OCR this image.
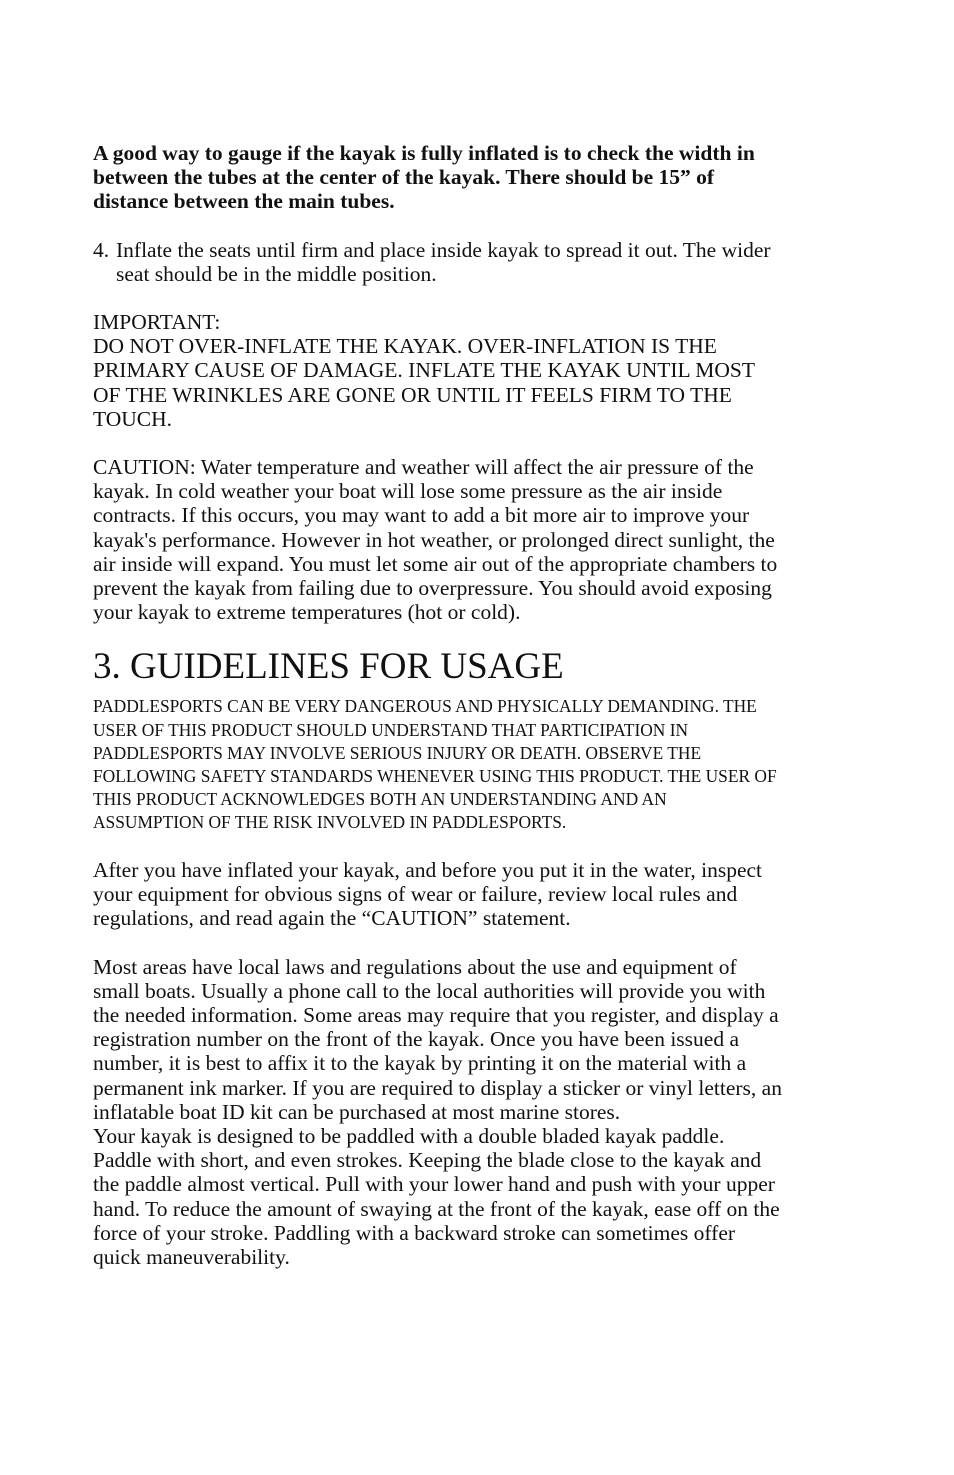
A good way to gauge if the kayak is fully inflated is to check the width in
between the tubes at the center of the kayak. There should be 15” of
distance between the main tubes.

4. Inflate the seats until firm and place inside kayak to spread it out. The wider
seat should be in the middle position.

IMPORTANT:
DO NOT OVER-INFLATE THE KAYAK. OVER-INFLATION IS THE
PRIMARY CAUSE OF DAMAGE. INFLATE THE KAYAK UNTIL MOST
OF THE WRINKLES ARE GONE OR UNTIL IT FEELS FIRM TO THE
TOUCH.

CAUTION: Water temperature and weather will affect the air pressure of the
kayak. In cold weather your boat will lose some pressure as the air inside
contracts. If this occurs, you may want to add a bit more air to improve your
kayak's performance. However in hot weather, or prolonged direct sunlight, the
air inside will expand. You must let some air out of the appropriate chambers to
prevent the kayak from failing due to overpressure. You should avoid exposing
your kayak to extreme temperatures (hot or cold).

3. GUIDELINES FOR USAGE

PADDLESPORTS CAN BE VERY DANGEROUS AND PHYSICALLY DEMANDING. THE
USER OF THIS PRODUCT SHOULD UNDERSTAND THAT PARTICIPATION IN
PADDLESPORTS MAY INVOLVE SERIOUS INJURY OR DEATH. OBSERVE THE
FOLLOWING SAFETY STANDARDS WHENEVER USING THIS PRODUCT. THE USER OF
THIS PRODUCT ACKNOWLEDGES BOTH AN UNDERSTANDING AND AN
ASSUMPTION OF THE RISK INVOLVED IN PADDLESPORTS.

After you have inflated your kayak, and before you put it in the water, inspect
your equipment for obvious signs of wear or failure, review local rules and
regulations, and read again the “CAUTION” statement.

Most areas have local laws and regulations about the use and equipment of
small boats. Usually a phone call to the local authorities will provide you with
the needed information. Some areas may require that you register, and display a
registration number on the front of the kayak. Once you have been issued a
number, it is best to affix it to the kayak by printing it on the material with a
permanent ink marker. If you are required to display a sticker or vinyl letters, an
inflatable boat ID kit can be purchased at most marine stores.

Your kayak is designed to be paddled with a double bladed kayak paddle.
Paddle with short, and even strokes. Keeping the blade close to the kayak and
the paddle almost vertical. Pull with your lower hand and push with your upper
hand. To reduce the amount of swaying at the front of the kayak, ease off on the
force of your stroke. Paddling with a backward stroke can sometimes offer
quick maneuverability.
